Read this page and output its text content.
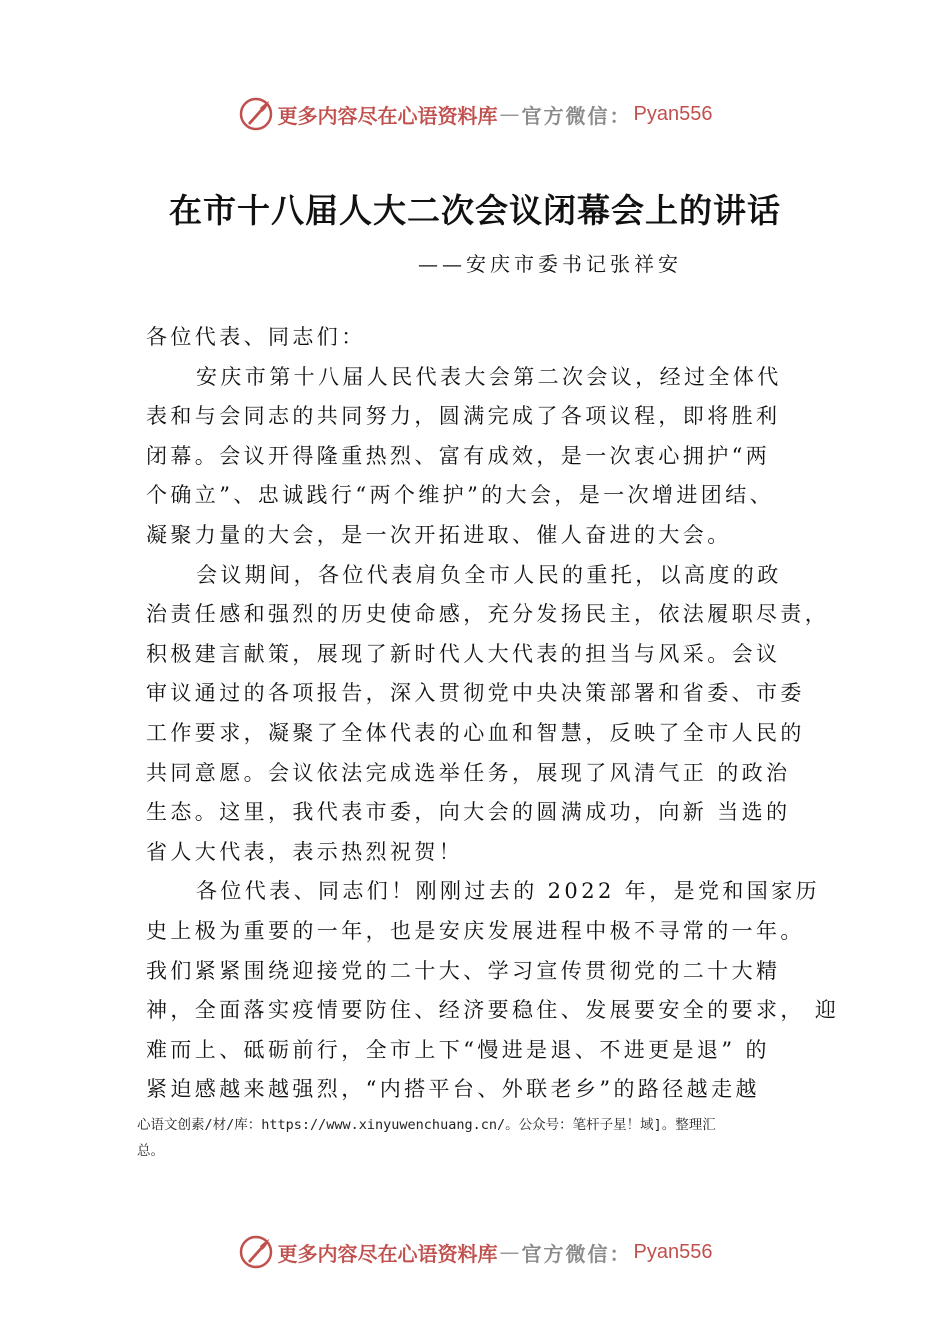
更多内容尽在心语资料库 — 官方微信： Pyan556
在市十八届人大二次会议闭幕会上的讲话
——安庆市委书记张祥安
各位代表、同志们：
安庆市第十八届人民代表大会第二次会议，经过全体代
表和与会同志的共同努力，圆满完成了各项议程，即将胜利
闭幕。会议开得隆重热烈、富有成效，是一次衷心拥护“两
个确立”、忠诚践行“两个维护”的大会，是一次增进团结、
凝聚力量的大会，是一次开拓进取、催人奋进的大会。
会议期间，各位代表肩负全市人民的重托，以高度的政
治责任感和强烈的历史使命感，充分发扬民主，依法履职尽责，
积极建言献策，展现了新时代人大代表的担当与风采。会议
审议通过的各项报告，深入贯彻党中央决策部署和省委、市委
工作要求，凝聚了全体代表的心血和智慧，反映了全市人民的
共同意愿。会议依法完成选举任务，展现了风清气正 的政治
生态。这里，我代表市委，向大会的圆满成功，向新 当选的
省人大代表，表示热烈祝贺！
各位代表、同志们！刚刚过去的 2022 年，是党和国家历
史上极为重要的一年，也是安庆发展进程中极不寻常的一年。
我们紧紧围绕迎接党的二十大、学习宣传贯彻党的二十大精
神，全面落实疫情要防住、经济要稳住、发展要安全的要求， 迎
难而上、砥砺前行，全市上下“慢进是退、不进更是退” 的
紧迫感越来越强烈，“内搭平台、外联老乡”的路径越走越
心语文创素/材/库：https://www.xinyuwenchuang.cn/。公众号：笔杆子星！域]。整理汇
总。
更多内容尽在心语资料库 — 官方微信： Pyan556
